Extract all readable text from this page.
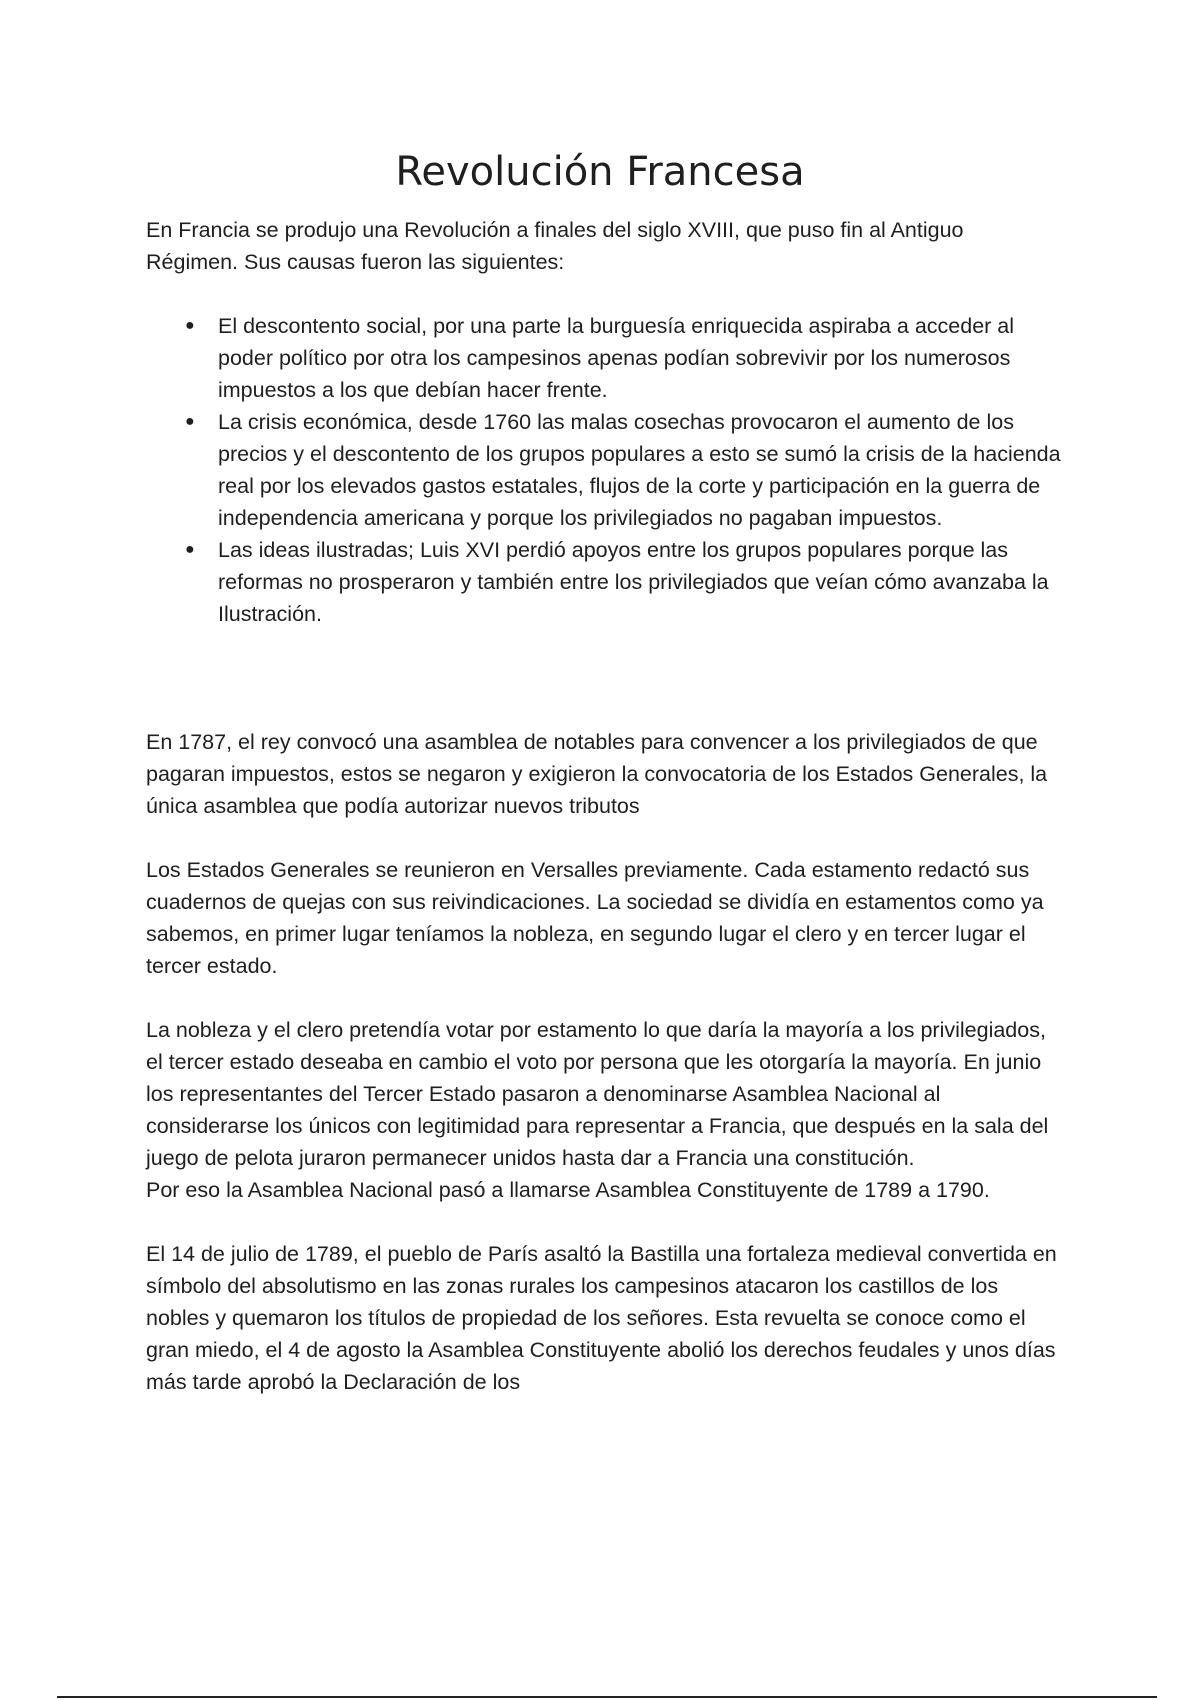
Revolución Francesa

En Francia se produjo una Revolución a finales del siglo XVIII, que puso fin al Antiguo Régimen. Sus causas fueron las siguientes:

● El descontento social, por una parte la burguesía enriquecida aspiraba a acceder al poder político por otra los campesinos apenas podían sobrevivir por los numerosos impuestos a los que debían hacer frente.
● La crisis económica, desde 1760 las malas cosechas provocaron el aumento de los precios y el descontento de los grupos populares a esto se sumó la crisis de la hacienda real por los elevados gastos estatales, flujos de la corte y participación en la guerra de independencia americana y porque los privilegiados no pagaban impuestos.
● Las ideas ilustradas; Luis XVI perdió apoyos entre los grupos populares porque las reformas no prosperaron y también entre los privilegiados que veían cómo avanzaba la Ilustración.

En 1787, el rey convocó una asamblea de notables para convencer a los privilegiados de que pagaran impuestos, estos se negaron y exigieron la convocatoria de los Estados Generales, la única asamblea que podía autorizar nuevos tributos

Los Estados Generales se reunieron en Versalles previamente. Cada estamento redactó sus cuadernos de quejas con sus reivindicaciones. La sociedad se dividía en estamentos como ya sabemos, en primer lugar teníamos la nobleza, en segundo lugar el clero y en tercer lugar el tercer estado.

La nobleza y el clero pretendía votar por estamento lo que daría la mayoría a los privilegiados, el tercer estado deseaba en cambio el voto por persona que les otorgaría la mayoría. En junio los representantes del Tercer Estado pasaron a denominarse Asamblea Nacional al considerarse los únicos con legitimidad para representar a Francia, que después en la sala del juego de pelota juraron permanecer unidos hasta dar a Francia una constitución.

Por eso la Asamblea Nacional pasó a llamarse Asamblea Constituyente de 1789 a 1790.

El 14 de julio de 1789, el pueblo de París asaltó la Bastilla una fortaleza medieval convertida en símbolo del absolutismo en las zonas rurales los campesinos atacaron los castillos de los nobles y quemaron los títulos de propiedad de los señores. Esta revuelta se conoce como el gran miedo, el 4 de agosto la Asamblea Constituyente abolió los derechos feudales y unos días más tarde aprobó la Declaración de los
